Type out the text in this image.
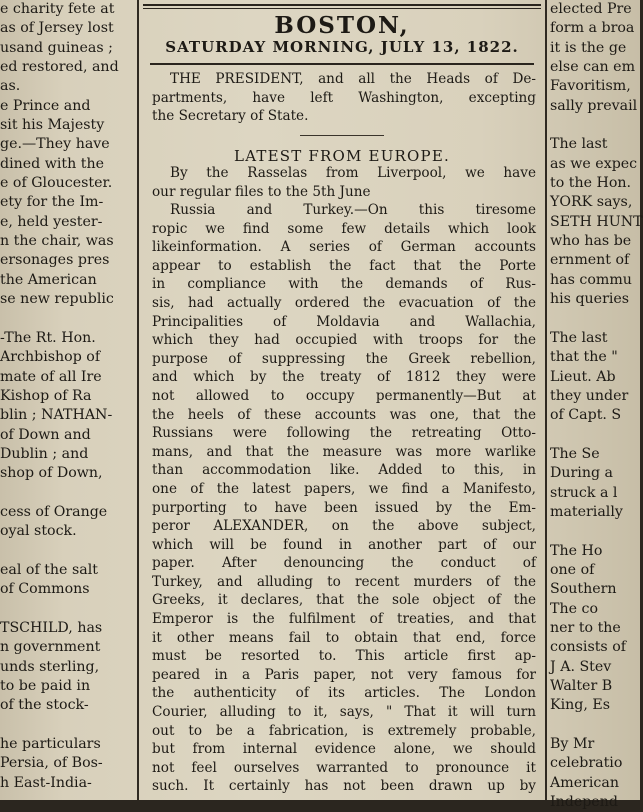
e charity fete at
as of Jersey lost
usand guineas ;
ed restored, and
as.
e Prince and
sit his Majesty
ge.—They have
dined with the
e of Gloucester.
ety for the Im-
e, held yester-
n the chair, was
ersonages pres
the American
se new republic

-The Rt. Hon.
Archbishop of
mate of all Ire
Kishop of Ra
blin ; NATHAN-
of Down and
Dublin ; and
shop of Down,

cess of Orange
oyal stock.

eal of the salt
of Commons

TSCHILD, has
n government
unds sterling,
to be paid in
of the stock-

he particulars
Persia, of Bos-
h East-India-
BOSTON,
SATURDAY MORNING, JULY 13, 1822.
THE PRESIDENT, and all the Heads of De-
partments, have left Washington, excepting
the Secretary of State.
LATEST FROM EUROPE.
By the Rasselas from Liverpool, we have
our regular files to the 5th June
Russia and Turkey.—On this tiresome
ropic we find some few details which look
likeinformation. A series of German accounts
appear to establish the fact that the Porte
in compliance with the demands of Rus-
sis, had actually ordered the evacuation of the
Principalities of Moldavia and Wallachia,
which they had occupied with troops for the
purpose of suppressing the Greek rebellion,
and which by the treaty of 1812 they were
not allowed to occupy permanently—But at
the heels of these accounts was one, that the
Russians were following the retreating Otto-
mans, and that the measure was more warlike
than accommodation like. Added to this, in
one of the latest papers, we find a Manifesto,
purporting to have been issued by the Em-
peror ALEXANDER, on the above subject,
which will be found in another part of our
paper. After denouncing the conduct of
Turkey, and alluding to recent murders of the
Greeks, it declares, that the sole object of the
Emperor is the fulfilment of treaties, and that
it other means fail to obtain that end, force
must be resorted to. This article first ap-
peared in a Paris paper, not very famous for
the authenticity of its articles. The London
Courier, alluding to it, says, " That it will turn
out to be a fabrication, is extremely probable,
but from internal evidence alone, we should
not feel ourselves warranted to pronounce it
such. It certainly has not been drawn up by
elected Pre
form a broa
it is the ge
else can em
Favoritism,
sally prevail

The last
as we expec
to the Hon.
YORK says,
SETH HUNT
who has be
ernment of
has commu
his queries

The last
that the "
Lieut. Ab
they under
of Capt. S

The Se
During a
struck a l
materially

The Ho
one of
Southern
The co
ner to the
consists of
J A. Stev
Walter B
King, Es

By Mr
celebratio
American
Independ
